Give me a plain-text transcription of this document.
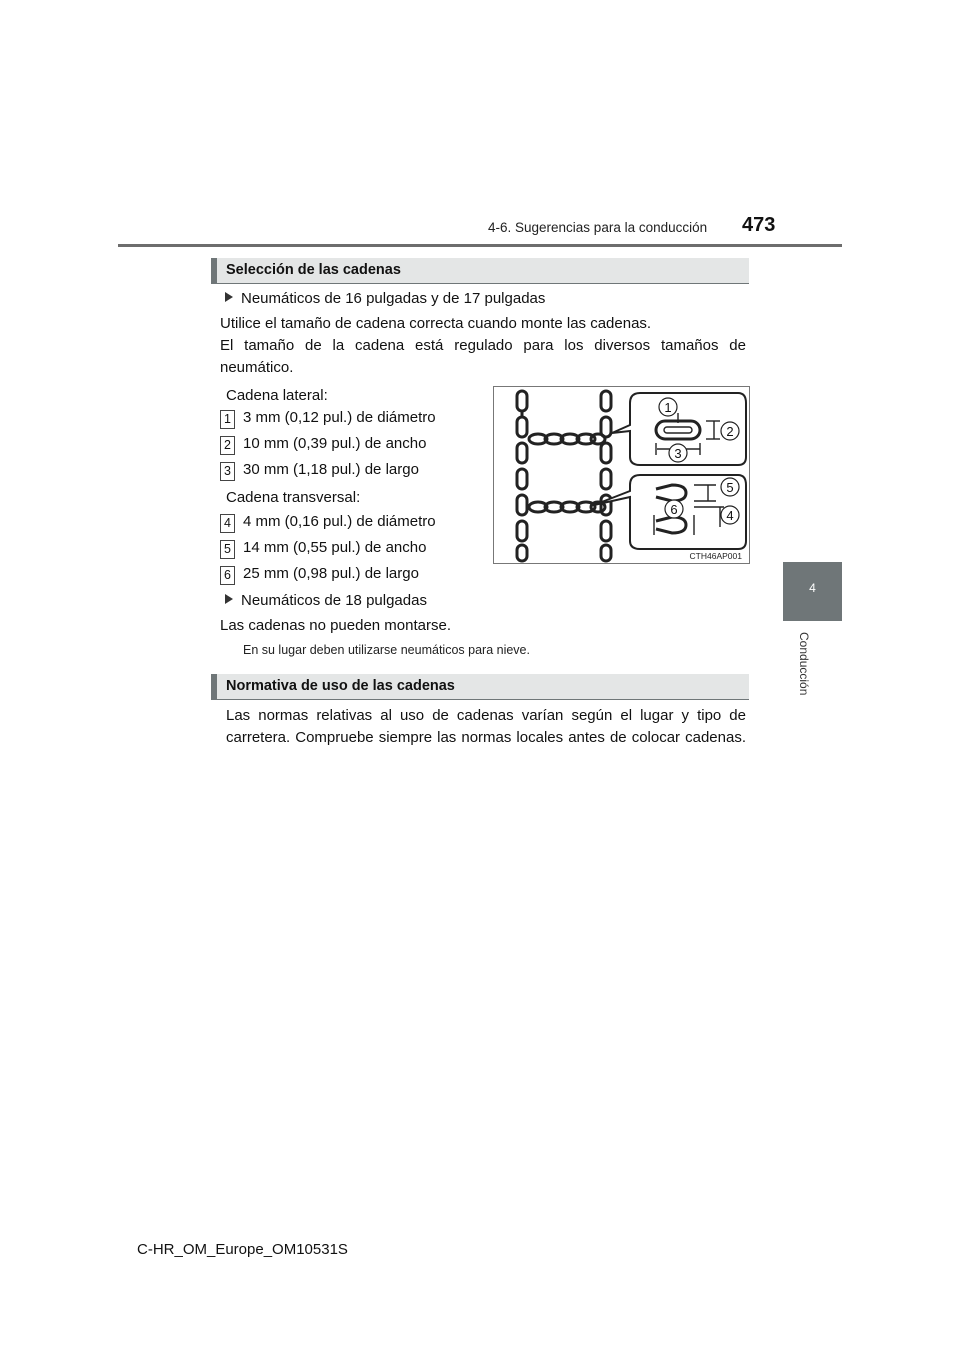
4-6. Sugerencias para la conducción 473
4
Conducción
Selección de las cadenas
Neumáticos de 16 pulgadas y de 17 pulgadas
Utilice el tamaño de cadena correcta cuando monte las cadenas.
El tamaño de la cadena está regulado para los diversos tamaños de
neumático.
Cadena lateral:
1 3 mm (0,12 pul.) de diámetro
2 10 mm (0,39 pul.) de ancho
3 30 mm (1,18 pul.) de largo
Cadena transversal:
4 4 mm (0,16 pul.) de diámetro
5 14 mm (0,55 pul.) de ancho
6 25 mm (0,98 pul.) de largo
Neumáticos de 18 pulgadas
Las cadenas no pueden montarse.
En su lugar deben utilizarse neumáticos para nieve.
1
2
3
5
6	4
CTH46AP001
Normativa de uso de las cadenas
Las normas relativas al uso de cadenas varían según el lugar y tipo de
carretera. Compruebe siempre las normas locales antes de colocar cadenas.
C-HR_OM_Europe_OM10531S
